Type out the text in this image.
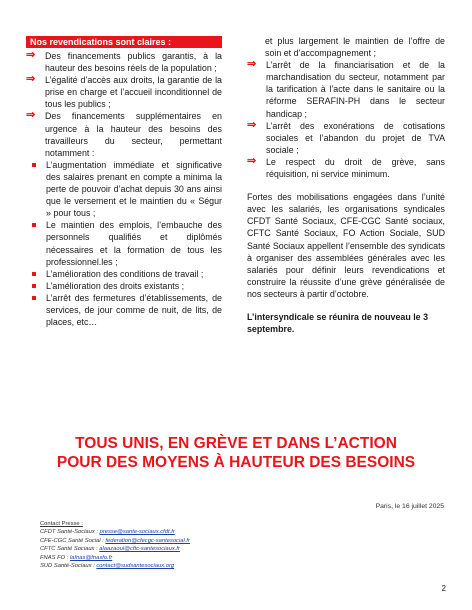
Nos revendications sont claires :
⇒ Des financements publics garantis, à la hauteur des besoins réels de la population ;
⇒ L’égalité d’accès aux droits, la garantie de la prise en charge et l’accueil inconditionnel de tous les publics ;
⇒ Des financements supplémentaires en urgence à la hauteur des besoins des travailleurs du secteur, permettant notamment :
L’augmentation immédiate et significative des salaires prenant en compte a minima la perte de pouvoir d’achat depuis 30 ans ainsi que le versement et le maintien du « Ségur » pour tous ;
Le maintien des emplois, l’embauche des personnels qualifiés et diplômés nécessaires et la formation de tous les professionnel.les ;
L’amélioration des conditions de travail ;
L’amélioration des droits existants ;
L’arrêt des fermetures d’établissements, de services, de jour comme de nuit, de lits, de places, etc…
et plus largement le maintien de l’offre de soin et d’accompagnement ;
⇒ L’arrêt de la financiarisation et de la marchandisation du secteur, notamment par la tarification à l’acte dans le sanitaire ou la réforme SERAFIN-PH dans le secteur handicap ;
⇒ L’arrêt des exonérations de cotisations sociales et l’abandon du projet de TVA sociale ;
⇒ Le respect du droit de grève, sans réquisition, ni service minimum.
Fortes des mobilisations engagées dans l’unité avec les salariés, les organisations syndicales CFDT Santé Sociaux, CFE-CGC Santé sociaux, CFTC Santé Sociaux, FO Action Sociale, SUD Santé Sociaux appellent l’ensemble des syndicats à organiser des assemblées générales avec les salariés pour définir leurs revendications et construire la réussite d’une grève généralisée de nos secteurs à partir d’octobre.
L’intersyndicale se réunira de nouveau le 3 septembre.
TOUS UNIS, EN GRÈVE ET DANS L’ACTION
POUR DES MOYENS À HAUTEUR DES BESOINS
Paris, le 16 juillet 2025
Contact Presse :
CFDT Santé-Sociaux : presse@sante-sociaux.cfdt.fr
CFE-CGC Santé Social : federation@cfecgc-santesocial.fr
CFTC Santé Sociaux : alaazaoui@cftc-santesociaux.fr
FNAS FO : lafnas@fnasfo.fr
SUD Santé-Sociaux : contact@sudsantesociaux.org
2
